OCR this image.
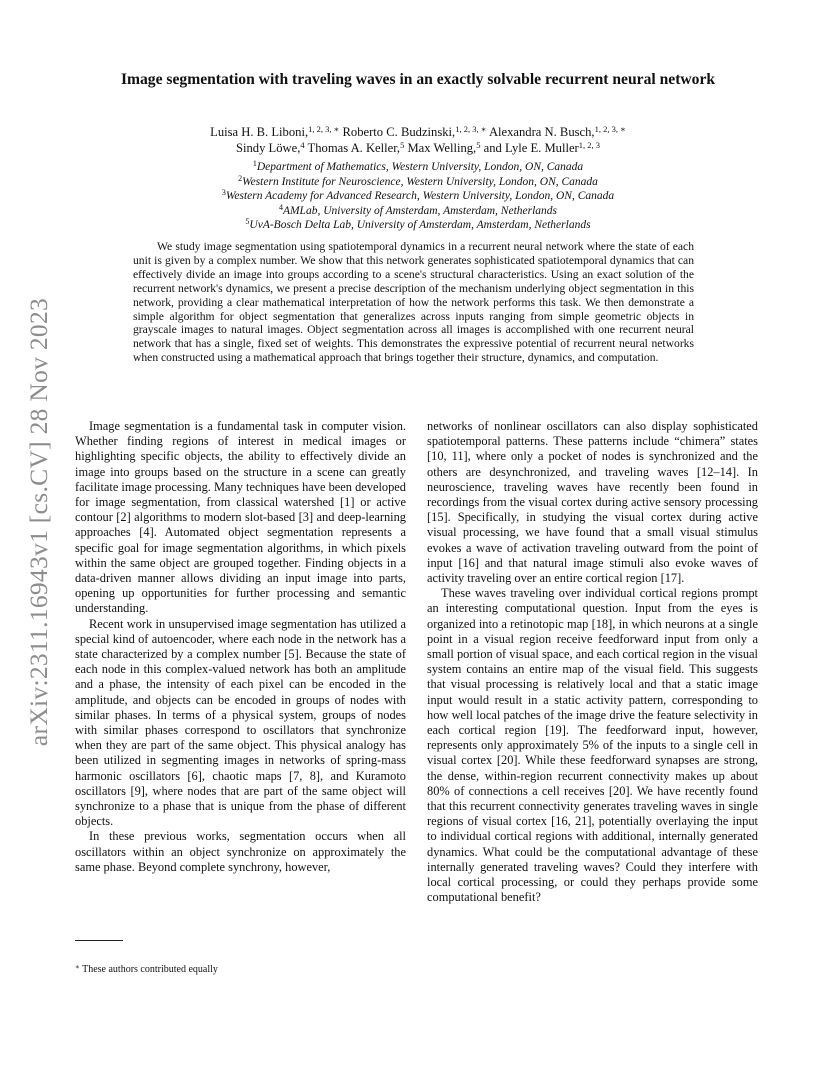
arXiv:2311.16943v1 [cs.CV] 28 Nov 2023
Image segmentation with traveling waves in an exactly solvable recurrent neural network
Luisa H. B. Liboni,$^{1, 2, 3, ∗}$ Roberto C. Budzinski,$^{1, 2, 3, ∗}$ Alexandra N. Busch,$^{1, 2, 3, ∗}$
Sindy Löwe,$^4$ Thomas A. Keller,$^5$ Max Welling,$^5$ and Lyle E. Muller$^{1, 2, 3}$
$^1$Department of Mathematics, Western University, London, ON, Canada
$^2$Western Institute for Neuroscience, Western University, London, ON, Canada
$^3$Western Academy for Advanced Research, Western University, London, ON, Canada
$^4$AMLab, University of Amsterdam, Amsterdam, Netherlands
$^5$UvA-Bosch Delta Lab, University of Amsterdam, Amsterdam, Netherlands

We study image segmentation using spatiotemporal dynamics in a recurrent neural network where the state of each unit is given by a complex number. We show that this network generates sophisticated spatiotemporal dynamics that can effectively divide an image into groups according to a scene's structural characteristics. Using an exact solution of the recurrent network's dynamics, we present a precise description of the mechanism underlying object segmentation in this network, providing a clear mathematical interpretation of how the network performs this task. We then demonstrate a simple algorithm for object segmentation that generalizes across inputs ranging from simple geometric objects in grayscale images to natural images. Object segmentation across all images is accomplished with one recurrent neural network that has a single, fixed set of weights. This demonstrates the expressive potential of recurrent neural networks when constructed using a mathematical approach that brings together their structure, dynamics, and computation.

Image segmentation is a fundamental task in computer vision. Whether finding regions of interest in medical images or highlighting specific objects, the ability to effectively divide an image into groups based on the structure in a scene can greatly facilitate image processing. Many techniques have been developed for image segmentation, from classical watershed [1] or active contour [2] algorithms to modern slot-based [3] and deep-learning approaches [4]. Automated object segmentation represents a specific goal for image segmentation algorithms, in which pixels within the same object are grouped together. Finding objects in a data-driven manner allows dividing an input image into parts, opening up opportunities for further processing and semantic understanding.

Recent work in unsupervised image segmentation has utilized a special kind of autoencoder, where each node in the network has a state characterized by a complex number [5]. Because the state of each node in this complex-valued network has both an amplitude and a phase, the intensity of each pixel can be encoded in the amplitude, and objects can be encoded in groups of nodes with similar phases. In terms of a physical system, groups of nodes with similar phases correspond to oscillators that synchronize when they are part of the same object. This physical analogy has been utilized in segmenting images in networks of spring-mass harmonic oscillators [6], chaotic maps [7, 8], and Kuramoto oscillators [9], where nodes that are part of the same object will synchronize to a phase that is unique from the phase of different objects.

In these previous works, segmentation occurs when all oscillators within an object synchronize on approximately the same phase. Beyond complete synchrony, however,

networks of nonlinear oscillators can also display sophisticated spatiotemporal patterns. These patterns include “chimera” states [10, 11], where only a pocket of nodes is synchronized and the others are desynchronized, and traveling waves [12–14]. In neuroscience, traveling waves have recently been found in recordings from the visual cortex during active sensory processing [15]. Specifically, in studying the visual cortex during active visual processing, we have found that a small visual stimulus evokes a wave of activation traveling outward from the point of input [16] and that natural image stimuli also evoke waves of activity traveling over an entire cortical region [17].

These waves traveling over individual cortical regions prompt an interesting computational question. Input from the eyes is organized into a retinotopic map [18], in which neurons at a single point in a visual region receive feedforward input from only a small portion of visual space, and each cortical region in the visual system contains an entire map of the visual field. This suggests that visual processing is relatively local and that a static image input would result in a static activity pattern, corresponding to how well local patches of the image drive the feature selectivity in each cortical region [19]. The feedforward input, however, represents only approximately 5% of the inputs to a single cell in visual cortex [20]. While these feedforward synapses are strong, the dense, within-region recurrent connectivity makes up about 80% of connections a cell receives [20]. We have recently found that this recurrent connectivity generates traveling waves in single regions of visual cortex [16, 21], potentially overlaying the input to individual cortical regions with additional, internally generated dynamics. What could be the computational advantage of these internally generated traveling waves? Could they interfere with local cortical processing, or could they perhaps provide some computational benefit?

∗ These authors contributed equally
